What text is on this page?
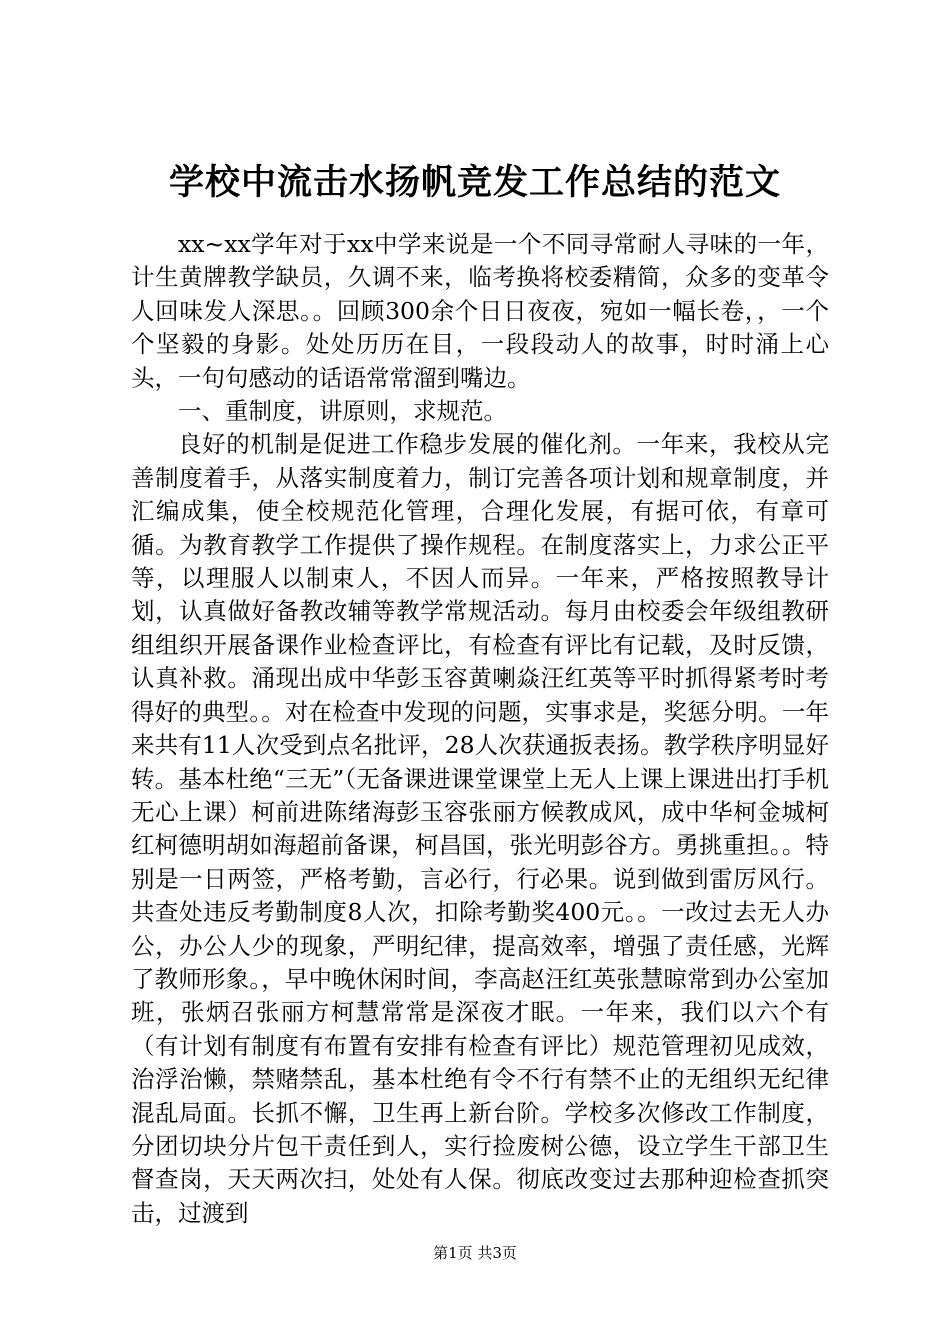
学校中流击水扬帆竞发工作总结的范文

xx~xx学年对于xx中学来说是一个不同寻常耐人寻味的一年，计生黄牌教学缺员，久调不来，临考换将校委精简，众多的变革令人回味发人深思。。回顾300余个日日夜夜，宛如一幅长卷，，一个个坚毅的身影。处处历历在目，一段段动人的故事，时时涌上心头，一句句感动的话语常常溜到嘴边。

一、重制度，讲原则，求规范。

良好的机制是促进工作稳步发展的催化剂。一年来，我校从完善制度着手，从落实制度着力，制订完善各项计划和规章制度，并汇编成集，使全校规范化管理，合理化发展，有据可依，有章可循。为教育教学工作提供了操作规程。在制度落实上，力求公正平等，以理服人以制束人，不因人而异。一年来，严格按照教导计划，认真做好备教改辅等教学常规活动。每月由校委会年级组教研组组织开展备课作业检查评比，有检查有评比有记载，及时反馈，认真补救。涌现出成中华彭玉容黄喇焱汪红英等平时抓得紧考时考得好的典型。。对在检查中发现的问题，实事求是，奖惩分明。一年来共有11人次受到点名批评，28人次获通扳表扬。教学秩序明显好转。基本杜绝“三无”（无备课进课堂课堂上无人上课上课进出打手机无心上课）柯前进陈绪海彭玉容张丽方候教成风，成中华柯金城柯红柯德明胡如海超前备课，柯昌国，张光明彭谷方。勇挑重担。。特别是一日两签，严格考勤，言必行，行必果。说到做到雷厉风行。共查处违反考勤制度8人次，扣除考勤奖400元。。一改过去无人办公，办公人少的现象，严明纪律，提高效率，增强了责任感，光辉了教师形象。，早中晚休闲时间，李高赵汪红英张慧晾常到办公室加班，张炳召张丽方柯慧常常是深夜才眠。一年来，我们以六个有（有计划有制度有布置有安排有检查有评比）规范管理初见成效，治浮治懒，禁赌禁乱，基本杜绝有令不行有禁不止的无组织无纪律混乱局面。长抓不懈，卫生再上新台阶。学校多次修改工作制度，分团切块分片包干责任到人，实行捡废树公德，设立学生干部卫生督查岗，天天两次扫，处处有人保。彻底改变过去那种迎检查抓突击，过渡到

第1页 共3页
